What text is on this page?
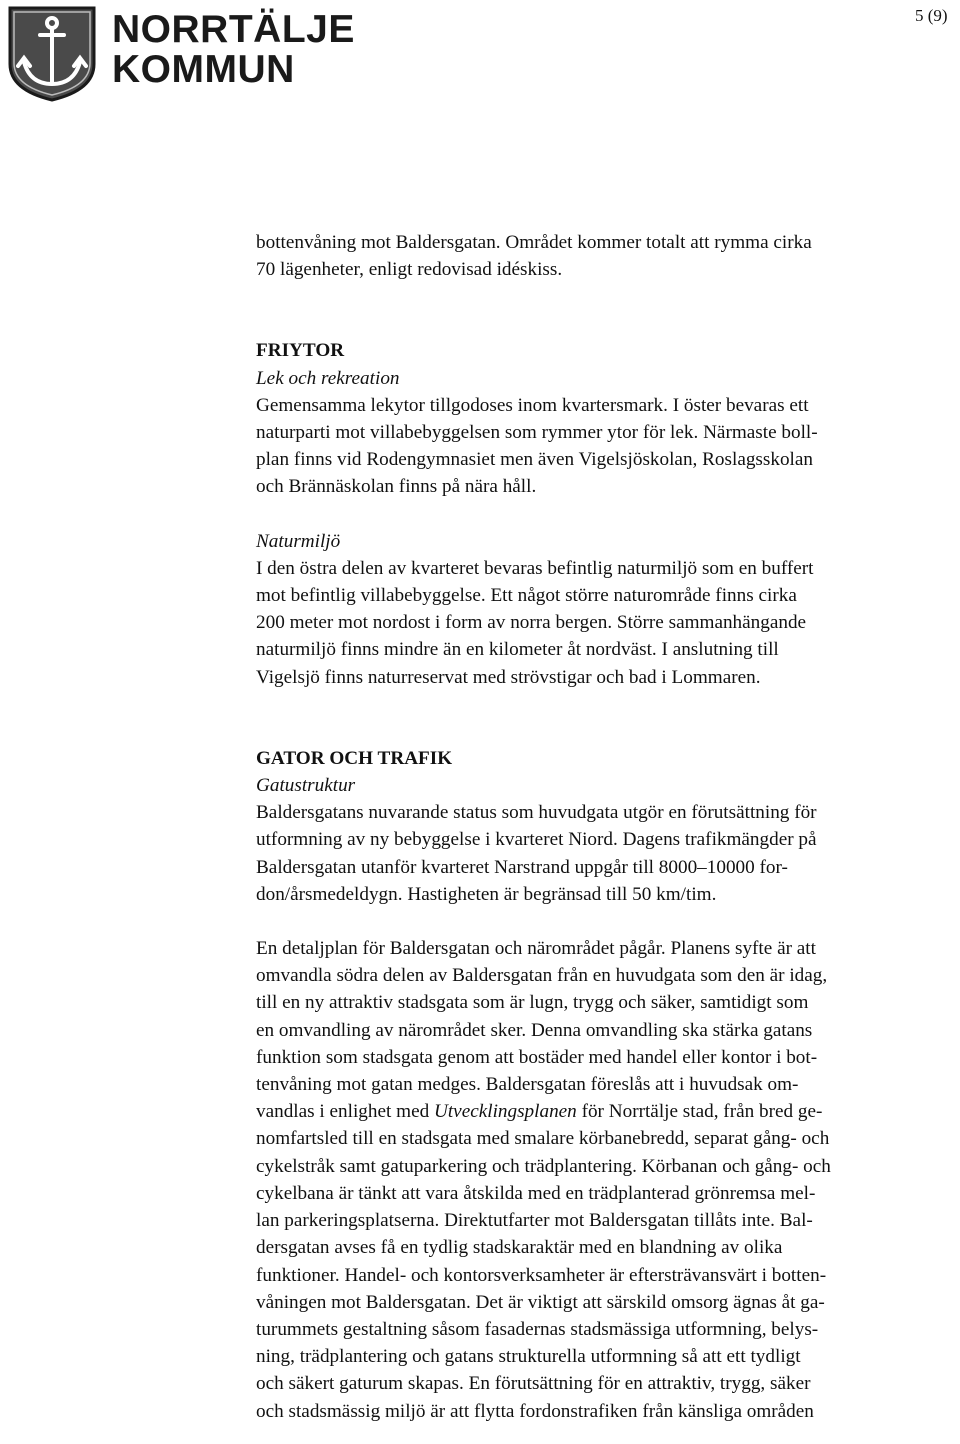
NORRTÄLJE
KOMMUN
5 (9)

bottenvåning mot Baldersgatan. Området kommer totalt att rymma cirka
70 lägenheter, enligt redovisad idéskiss.

FRIYTOR

Lek och rekreation

Gemensamma lekytor tillgodoses inom kvartersmark. I öster bevaras ett
naturparti mot villabebyggelsen som rymmer ytor för lek. Närmaste boll-
plan finns vid Rodengymnasiet men även Vigelsjöskolan, Roslagsskolan
och Brännäskolan finns på nära håll.

Naturmiljö

I den östra delen av kvarteret bevaras befintlig naturmiljö som en buffert
mot befintlig villabebyggelse. Ett något större naturområde finns cirka
200 meter mot nordost i form av norra bergen. Större sammanhängande
naturmiljö finns mindre än en kilometer åt nordväst. I anslutning till
Vigelsjö finns naturreservat med strövstigar och bad i Lommaren.

GATOR OCH TRAFIK

Gatustruktur

Baldersgatans nuvarande status som huvudgata utgör en förutsättning för
utformning av ny bebyggelse i kvarteret Niord. Dagens trafikmängder på
Baldersgatan utanför kvarteret Narstrand uppgår till 8000–10000 for-
don/årsmedeldygn. Hastigheten är begränsad till 50 km/tim.

En detaljplan för Baldersgatan och närområdet pågår. Planens syfte är att
omvandla södra delen av Baldersgatan från en huvudgata som den är idag,
till en ny attraktiv stadsgata som är lugn, trygg och säker, samtidigt som
en omvandling av närområdet sker. Denna omvandling ska stärka gatans
funktion som stadsgata genom att bostäder med handel eller kontor i bot-
tenvåning mot gatan medges. Baldersgatan föreslås att i huvudsak om-
vandlas i enlighet med Utvecklingsplanen för Norrtälje stad, från bred ge-
nomfartsled till en stadsgata med smalare körbanebredd, separat gång- och
cykelstråk samt gatuparkering och trädplantering. Körbanan och gång- och
cykelbana är tänkt att vara åtskilda med en trädplanterad grönremsa mel-
lan parkeringsplatserna. Direktutfarter mot Baldersgatan tillåts inte. Bal-
dersgatan avses få en tydlig stadskaraktär med en blandning av olika
funktioner. Handel- och kontorsverksamheter är eftersträvansvärt i botten-
våningen mot Baldersgatan. Det är viktigt att särskild omsorg ägnas åt ga-
turummets gestaltning såsom fasadernas stadsmässiga utformning, belys-
ning, trädplantering och gatans strukturella utformning så att ett tydligt
och säkert gaturum skapas. En förutsättning för en attraktiv, trygg, säker
och stadsmässig miljö är att flytta fordonstrafiken från känsliga områden
